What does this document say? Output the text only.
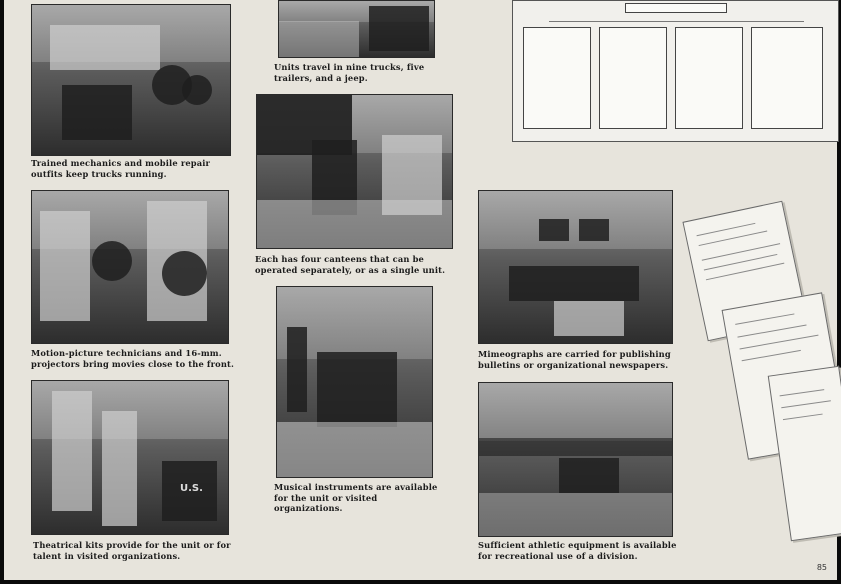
Trained mechanics and mobile repair outfits keep trucks running.
Motion-picture technicians and 16-mm. projectors bring movies close to the front.
U.S.
Theatrical kits provide for the unit or for talent in visited organizations.
Units travel in nine trucks, five trailers, and a jeep.
Each has four canteens that can be operated separately, or as a single unit.
Musical instruments are available for the unit or visited organizations.
Mimeographs are carried for publishing bulletins or organizational newspapers.
Sufficient athletic equipment is available for recreational use of a division.
85
